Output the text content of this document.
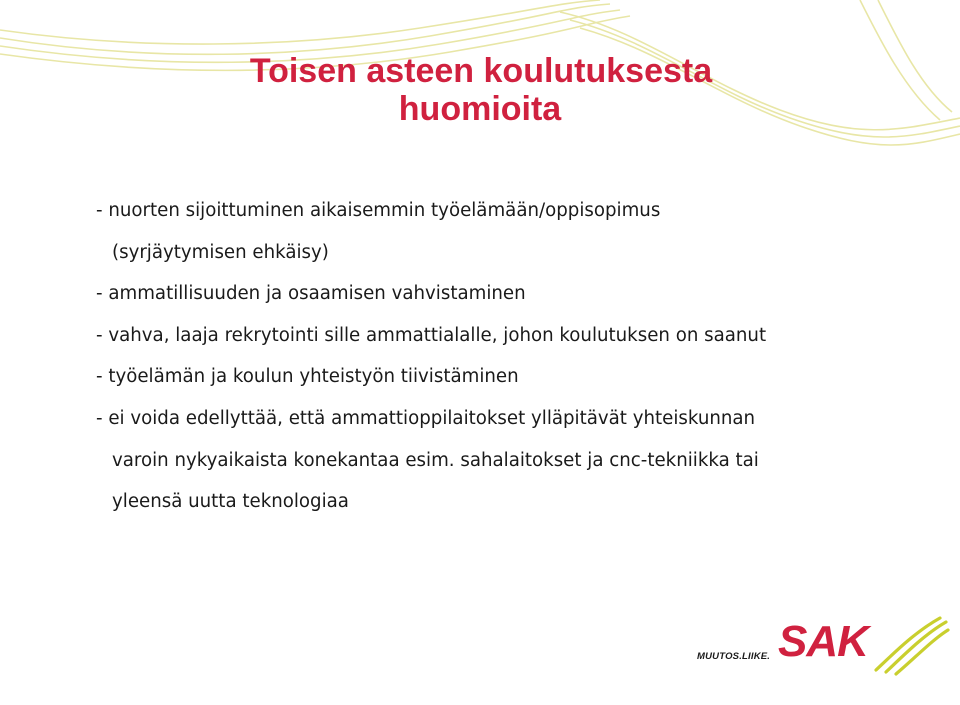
Toisen asteen koulutuksesta
huomioita
- nuorten sijoittuminen aikaisemmin työelämään/oppisopimus
(syrjäytymisen ehkäisy)
- ammatillisuuden ja osaamisen vahvistaminen
- vahva, laaja rekrytointi sille ammattialalle, johon koulutuksen on saanut
- työelämän ja koulun yhteistyön tiivistäminen
- ei voida edellyttää, että ammattioppilaitokset ylläpitävät yhteiskunnan
varoin nykyaikaista konekantaa esim. sahalaitokset ja cnc-tekniikka tai
yleensä uutta teknologiaa
SAK
MUUTOS.LIIKE.
